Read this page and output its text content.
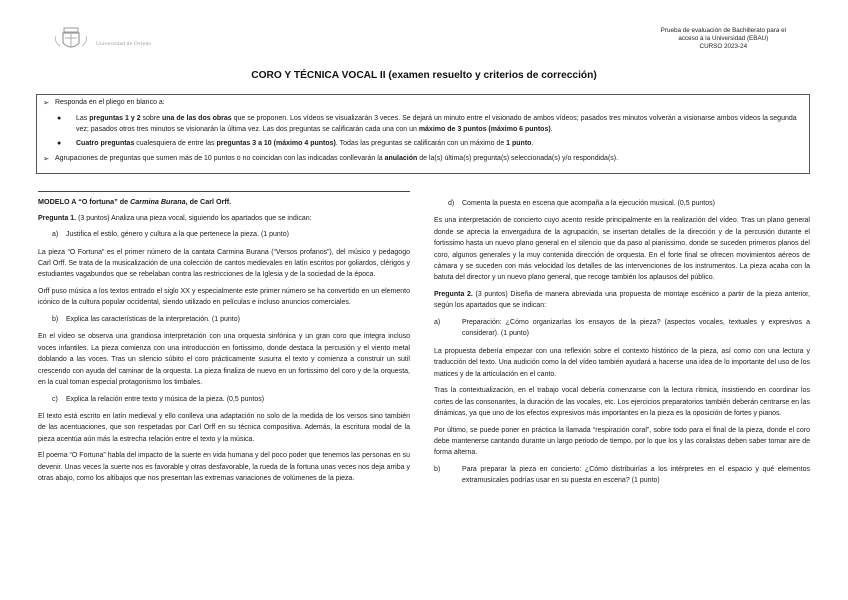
Universidad de Oviedo
Prueba de evaluación de Bachillerato para el
acceso a la Universidad (EBAU)
CURSO 2023-24
CORO Y TÉCNICA VOCAL II (examen resuelto y criterios de corrección)
➢ Responda en el pliego en blanco a:
● Las preguntas 1 y 2 sobre una de las dos obras que se proponen. Los vídeos se visualizarán 3 veces. Se dejará un minuto entre el visionado de ambos vídeos; pasados tres minutos volverán a visionarse ambos vídeos la segunda vez; pasados otros tres minutos se visionarán la última vez. Las dos preguntas se calificarán cada una con un máximo de 3 puntos (máximo 6 puntos).
● Cuatro preguntas cualesquiera de entre las preguntas 3 a 10 (máximo 4 puntos). Todas las preguntas se calificarán con un máximo de 1 punto.
➢ Agrupaciones de preguntas que sumen más de 10 puntos o no coincidan con las indicadas conllevarán la anulación de la(s) última(s) pregunta(s) seleccionada(s) y/o respondida(s).

MODELO A “O fortuna” de Carmina Burana, de Carl Orff.

Pregunta 1. (3 puntos) Analiza una pieza vocal, siguiendo los apartados que se indican:

a) Justifica el estilo, género y cultura a la que pertenece la pieza. (1 punto)

La pieza “O Fortuna” es el primer número de la cantata Carmina Burana (“Versos profanos”), del músico y pedagogo Carl Orff. Se trata de la musicalización de una colección de cantos medievales en latín escritos por goliardos, clérigos y estudiantes vagabundos que se rebelaban contra las restricciones de la Iglesia y de la sociedad de la época.

Orff puso música a los textos entrado el siglo XX y especialmente este primer número se ha convertido en un elemento icónico de la cultura popular occidental, siendo utilizado en películas e incluso anuncios comerciales.

b) Explica las características de la interpretación. (1 punto)

En el vídeo se observa una grandiosa interpretación con una orquesta sinfónica y un gran coro que integra incluso voces infantiles. La pieza comienza con una introducción en fortissimo, donde destaca la percusión y el viento metal doblando a las voces. Tras un silencio súbito el coro prácticamente susurra el texto y comienza a construir un sutil crescendo con ayuda del caminar de la orquesta. La pieza finaliza de nuevo en un fortissimo del coro y de la orquesta, en la cual toman especial protagonismo los timbales.

c) Explica la relación entre texto y música de la pieza. (0,5 puntos)

El texto está escrito en latín medieval y ello conlleva una adaptación no solo de la medida de los versos sino también de las acentuaciones, que son respetadas por Carl Orff en su técnica compositiva. Además, la escritura modal de la pieza acentúa aún más la estrecha relación entre el texto y la música.

El poema “O Fortuna” habla del impacto de la suerte en vida humana y del poco poder que tenemos las personas en su devenir. Unas veces la suerte nos es favorable y otras desfavorable, la rueda de la fortuna unas veces nos deja arriba y otras abajo, como los altibajos que nos presentan las extremas variaciones de volúmenes de la pieza.

d) Comenta la puesta en escena que acompaña a la ejecución musical. (0,5 puntos)

Es una interpretación de concierto cuyo acento reside principalmente en la realización del vídeo. Tras un plano general donde se aprecia la envergadura de la agrupación, se insertan detalles de la dirección y de la percusión durante el fortissimo hasta un nuevo plano general en el silencio que da paso al pianissimo, donde se suceden primeros planos del coro, algunos generales y la muy contenida dirección de orquesta. En el forte final se ofrecen movimientos aéreos de cámara y se suceden con más velocidad los detalles de las intervenciones de los instrumentos. La pieza acaba con la batuta del director y un nuevo plano general, que recoge también los aplausos del público.

Pregunta 2. (3 puntos) Diseña de manera abreviada una propuesta de montaje escénico a partir de la pieza anterior, según los apartados que se indican:

a)	Preparación: ¿Cómo organizarías los ensayos de la pieza? (aspectos vocales, textuales y expresivos a considerar). (1 punto)

La propuesta debería empezar con una reflexión sobre el contexto histórico de la pieza, así como con una lectura y traducción del texto. Una audición como la del vídeo también ayudará a hacerse una idea de lo importante del uso de los matices y de la articulación en el canto.

Tras la contextualización, en el trabajo vocal debería comenzarse con la lectura rítmica, insistiendo en coordinar los cortes de las consonantes, la duración de las vocales, etc. Los ejercicios preparatorios también deberán centrarse en las dinámicas, ya que uno de los efectos expresivos más importantes en la pieza es la oposición de fortes y pianos.

Por último, se puede poner en práctica la llamada “respiración coral”, sobre todo para el final de la pieza, donde el coro debe mantenerse cantando durante un largo periodo de tiempo, por lo que los y las coralistas deben saber tomar aire de forma alterna.

b)	Para preparar la pieza en concierto: ¿Cómo distribuirías a los intérpretes en el espacio y qué elementos extramusicales podrías usar en su puesta en escena? (1 punto)
